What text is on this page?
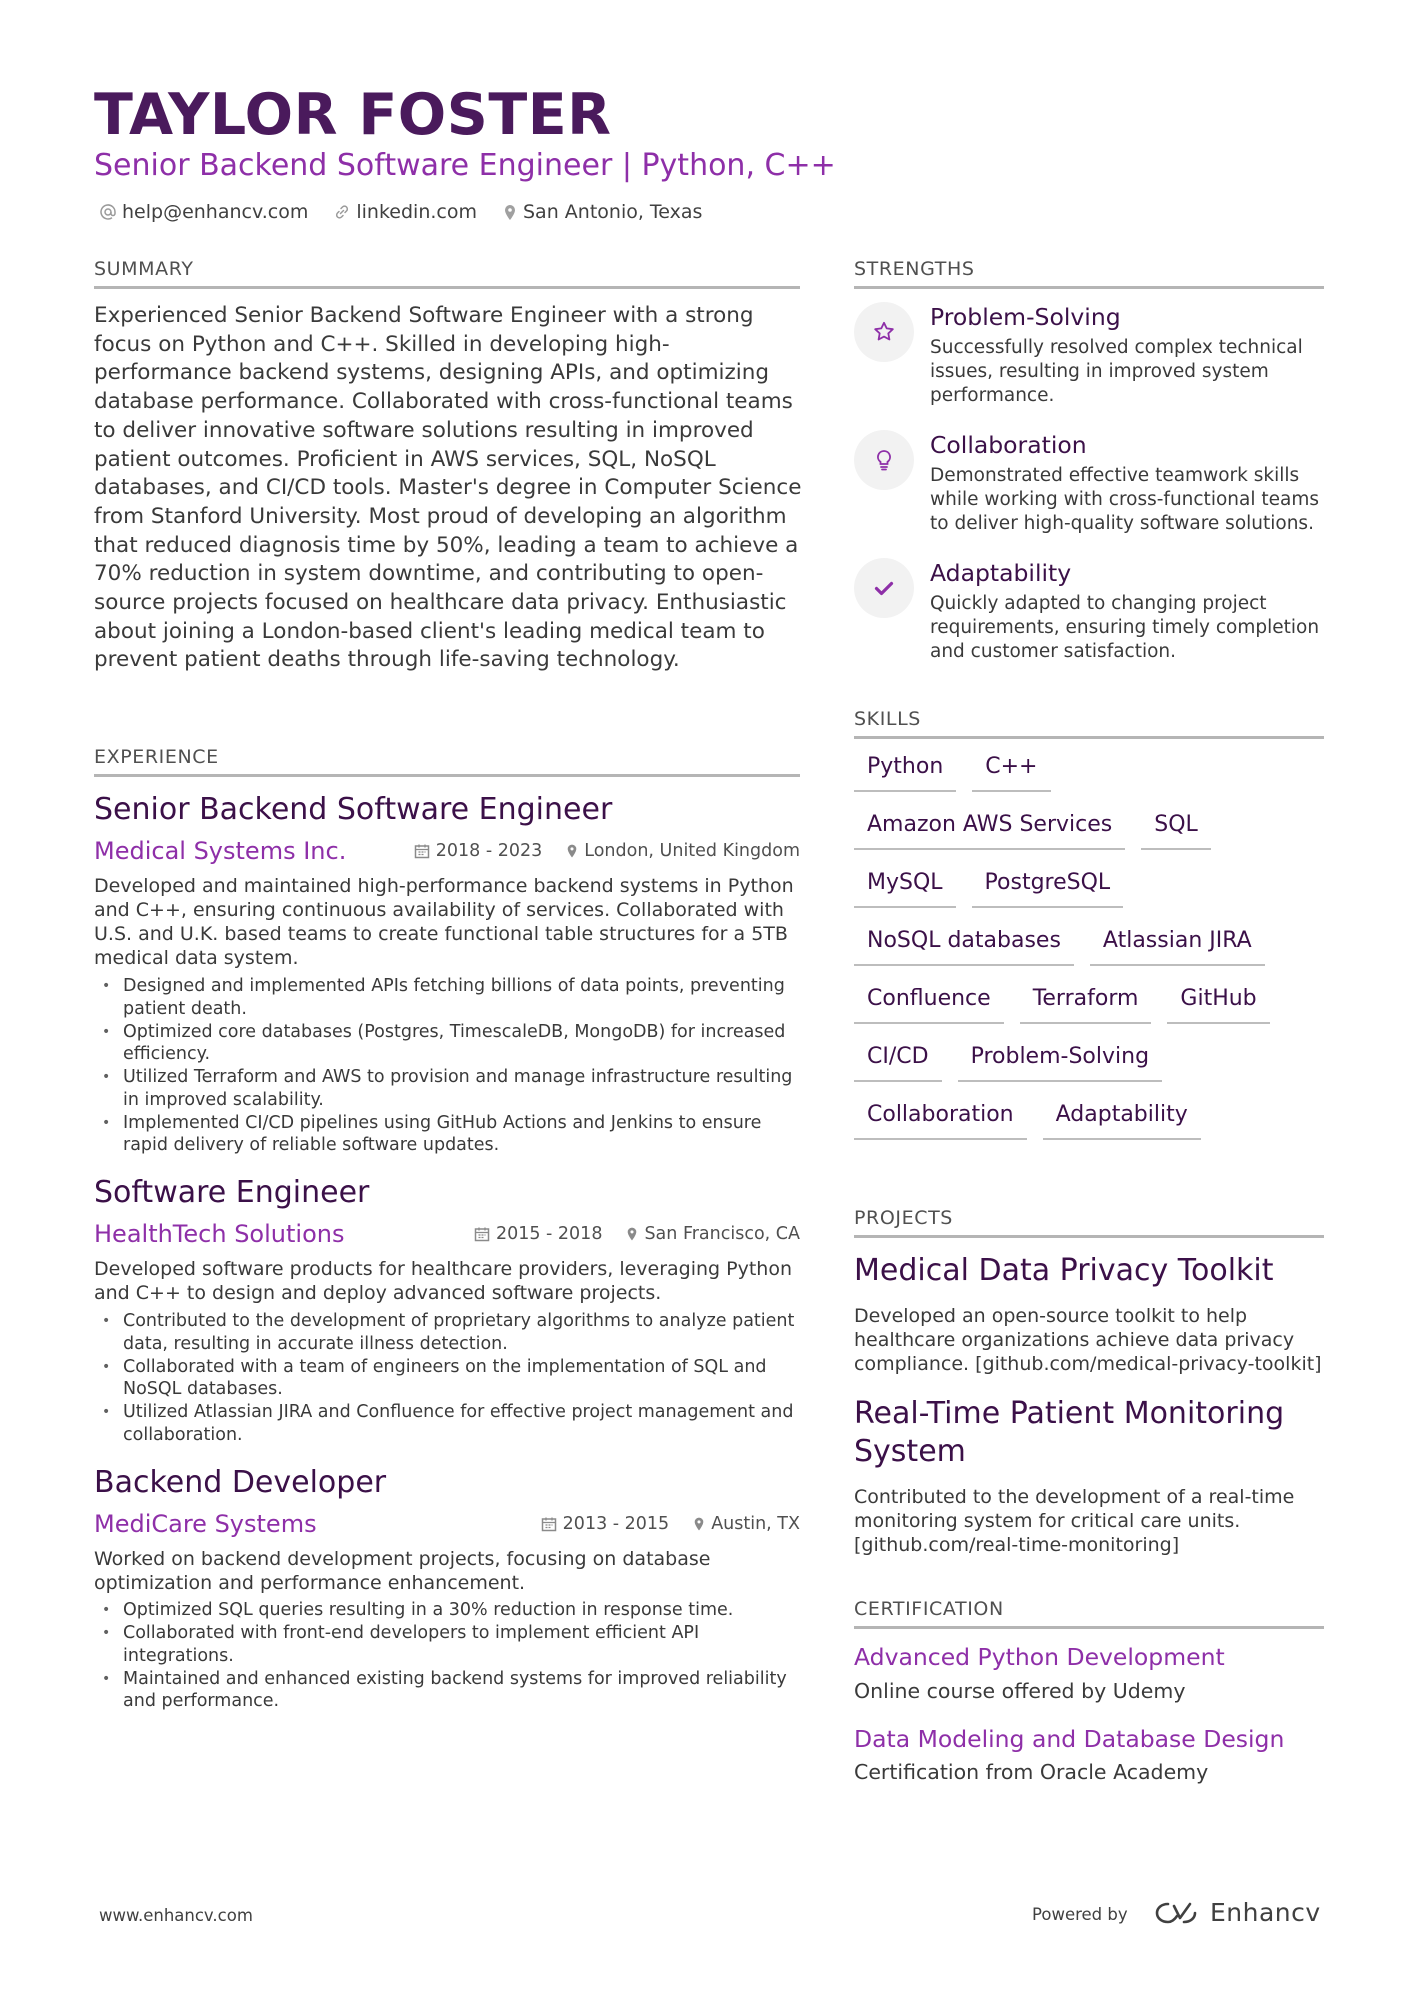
TAYLOR FOSTER
Senior Backend Software Engineer | Python, C++
help@enhancv.com	linkedin.com San Antonio, Texas
SUMMARY
Experienced Senior Backend Software Engineer with a strong focus on Python and C++. Skilled in developing high-performance backend systems, designing APIs, and optimizing database performance. Collaborated with cross-functional teams to deliver innovative software solutions resulting in improved patient outcomes. Proficient in AWS services, SQL, NoSQL databases, and CI/CD tools. Master's degree in Computer Science from Stanford University. Most proud of developing an algorithm that reduced diagnosis time by 50%, leading a team to achieve a 70% reduction in system downtime, and contributing to open-source projects focused on healthcare data privacy. Enthusiastic about joining a London-based client's leading medical team to prevent patient deaths through life-saving technology.
EXPERIENCE
Senior Backend Software Engineer
Medical Systems Inc.	2018 - 2023 London, United Kingdom
Developed and maintained high-performance backend systems in Python and C++, ensuring continuous availability of services. Collaborated with U.S. and U.K. based teams to create functional table structures for a 5TB medical data system.
• Designed and implemented APIs fetching billions of data points, preventing patient death.
• Optimized core databases (Postgres, TimescaleDB, MongoDB) for increased efficiency.
• Utilized Terraform and AWS to provision and manage infrastructure resulting in improved scalability.
• Implemented CI/CD pipelines using GitHub Actions and Jenkins to ensure rapid delivery of reliable software updates.
Software Engineer
HealthTech Solutions	2015 - 2018 San Francisco, CA
Developed software products for healthcare providers, leveraging Python and C++ to design and deploy advanced software projects.
• Contributed to the development of proprietary algorithms to analyze patient data, resulting in accurate illness detection.
• Collaborated with a team of engineers on the implementation of SQL and NoSQL databases.
• Utilized Atlassian JIRA and Confluence for effective project management and collaboration.
Backend Developer
MediCare Systems	2013 - 2015 Austin, TX
Worked on backend development projects, focusing on database optimization and performance enhancement.
• Optimized SQL queries resulting in a 30% reduction in response time.
• Collaborated with front-end developers to implement efficient API integrations.
• Maintained and enhanced existing backend systems for improved reliability and performance.
STRENGTHS
Problem-Solving
Successfully resolved complex technical issues, resulting in improved system performance.
Collaboration
Demonstrated effective teamwork skills while working with cross-functional teams to deliver high-quality software solutions.
Adaptability
Quickly adapted to changing project requirements, ensuring timely completion and customer satisfaction.
SKILLS
Python	C++
Amazon AWS Services	SQL
MySQL	PostgreSQL
NoSQL databases	Atlassian JIRA
Confluence	Terraform	GitHub
CI/CD	Problem-Solving
Collaboration	Adaptability
PROJECTS
Medical Data Privacy Toolkit
Developed an open-source toolkit to help healthcare organizations achieve data privacy compliance. [github.com/medical-privacy-toolkit]
Real-Time Patient Monitoring System
Contributed to the development of a real-time monitoring system for critical care units. [github.com/real-time-monitoring]
CERTIFICATION
Advanced Python Development
Online course offered by Udemy
Data Modeling and Database Design
Certification from Oracle Academy
www.enhancv.com	Powered by	Enhancv
